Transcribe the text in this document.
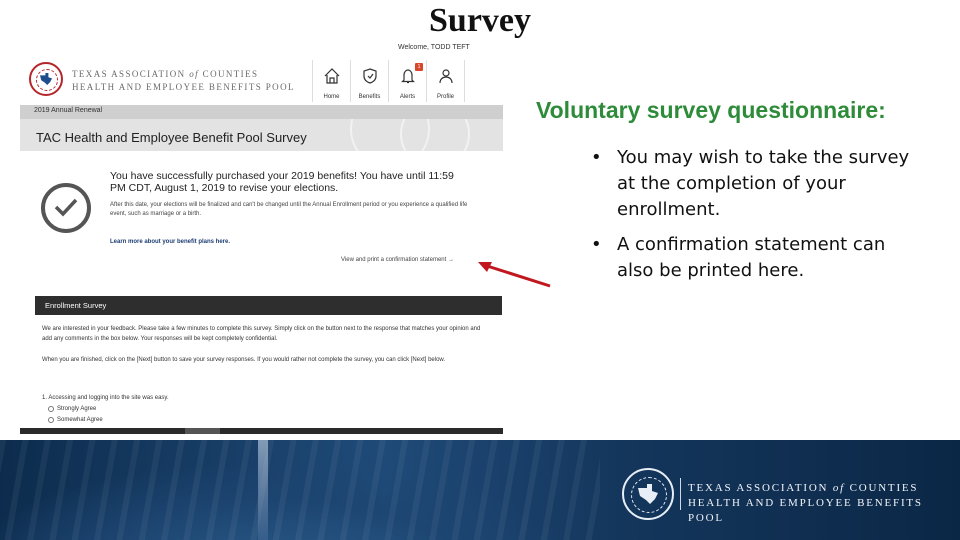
Survey
Welcome, TODD TEFT
TEXAS ASSOCIATION of COUNTIES
HEALTH AND EMPLOYEE BENEFITS POOL
Home	Benefits
1
Alerts	Profile
2019 Annual Renewal
TAC Health and Employee Benefit Pool Survey
You have successfully purchased your 2019 benefits! You have until 11:59 PM CDT, August 1, 2019 to revise your elections.
After this date, your elections will be finalized and can't be changed until the Annual Enrollment period or you experience a qualified life event, such as marriage or a birth.
Learn more about your benefit plans here.
View and print a confirmation statement →
Enrollment Survey
We are interested in your feedback. Please take a few minutes to complete this survey. Simply click on the button next to the response that matches your opinion and add any comments in the box below. Your responses will be kept completely confidential.
When you are finished, click on the [Next] button to save your survey responses. If you would rather not complete the survey, you can click [Next] below.
1. Accessing and logging into the site was easy.
Strongly Agree
Somewhat Agree
Voluntary survey questionnaire:
• You may wish to take the survey at the completion of your enrollment.
• A confirmation statement can also be printed here.
TEXAS ASSOCIATION of COUNTIES
HEALTH AND EMPLOYEE BENEFITS POOL
